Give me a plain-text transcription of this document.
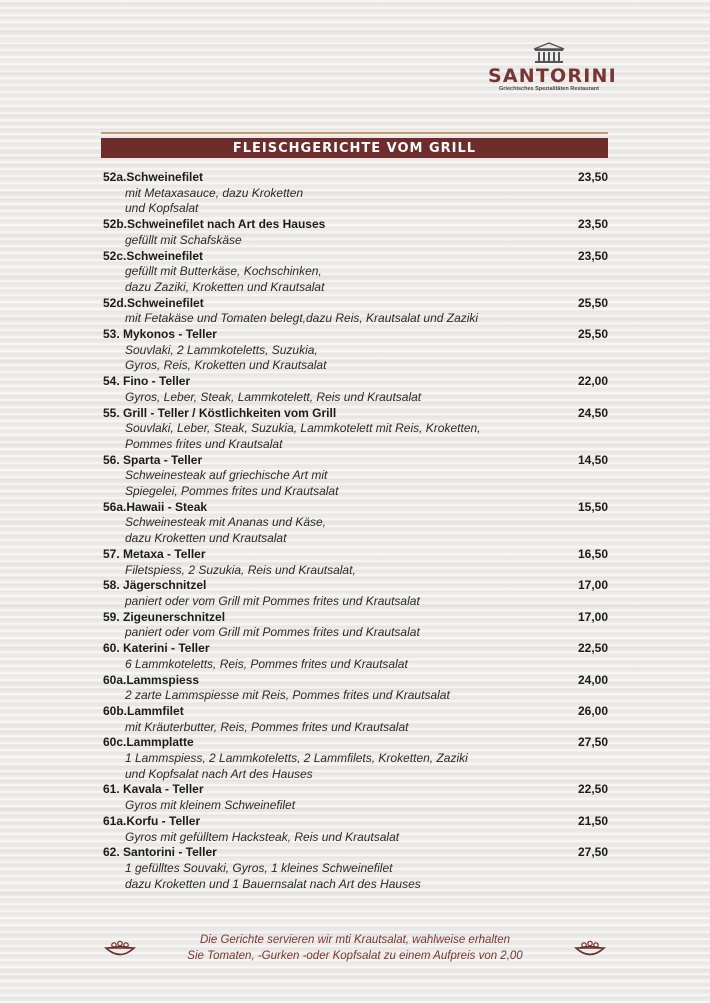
SANTORINI
Griechisches Spezialitäten Restaurant
FLEISCHGERICHTE VOM GRILL
52a.Schweinefilet	23,50
mit Metaxasauce, dazu Kroketten
und Kopfsalat
52b.Schweinefilet nach Art des Hauses	23,50
gefüllt mit Schafskäse
52c.Schweinefilet	23,50
gefüllt mit Butterkäse, Kochschinken,
dazu Zaziki, Kroketten und Krautsalat
52d.Schweinefilet	25,50
mit Fetakäse und Tomaten belegt,dazu Reis, Krautsalat und Zaziki
53. Mykonos - Teller	25,50
Souvlaki, 2 Lammkoteletts, Suzukia,
Gyros, Reis, Kroketten und Krautsalat
54. Fino - Teller	22,00
Gyros, Leber, Steak, Lammkotelett, Reis und Krautsalat
55. Grill - Teller / Köstlichkeiten vom Grill	24,50
Souvlaki, Leber, Steak, Suzukia, Lammkotelett mit Reis, Kroketten,
Pommes frites und Krautsalat
56. Sparta - Teller	14,50
Schweinesteak auf griechische Art mit
Spiegelei, Pommes frites und Krautsalat
56a.Hawaii - Steak	15,50
Schweinesteak mit Ananas und Käse,
dazu Kroketten und Krautsalat
57. Metaxa - Teller	16,50
Filetspiess, 2 Suzukia, Reis und Krautsalat,
58. Jägerschnitzel	17,00
paniert oder vom Grill mit Pommes frites und Krautsalat
59. Zigeunerschnitzel	17,00
paniert oder vom Grill mit Pommes frites und Krautsalat
60. Katerini - Teller	22,50
6 Lammkoteletts, Reis, Pommes frites und Krautsalat
60a.Lammspiess	24,00
2 zarte Lammspiesse mit Reis, Pommes frites und Krautsalat
60b.Lammfilet	26,00
mit Kräuterbutter, Reis, Pommes frites und Krautsalat
60c.Lammplatte	27,50
1 Lammspiess, 2 Lammkoteletts, 2 Lammfilets, Kroketten, Zaziki
und Kopfsalat nach Art des Hauses
61. Kavala - Teller	22,50
Gyros mit kleinem Schweinefilet
61a.Korfu - Teller	21,50
Gyros mit gefülltem Hacksteak, Reis und Krautsalat
62. Santorini - Teller	27,50
1 gefülltes Souvaki, Gyros, 1 kleines Schweinefilet
dazu Kroketten und 1 Bauernsalat nach Art des Hauses
Die Gerichte servieren wir mti Krautsalat, wahlweise erhalten
Sie Tomaten, -Gurken -oder Kopfsalat zu einem Aufpreis von 2,00
